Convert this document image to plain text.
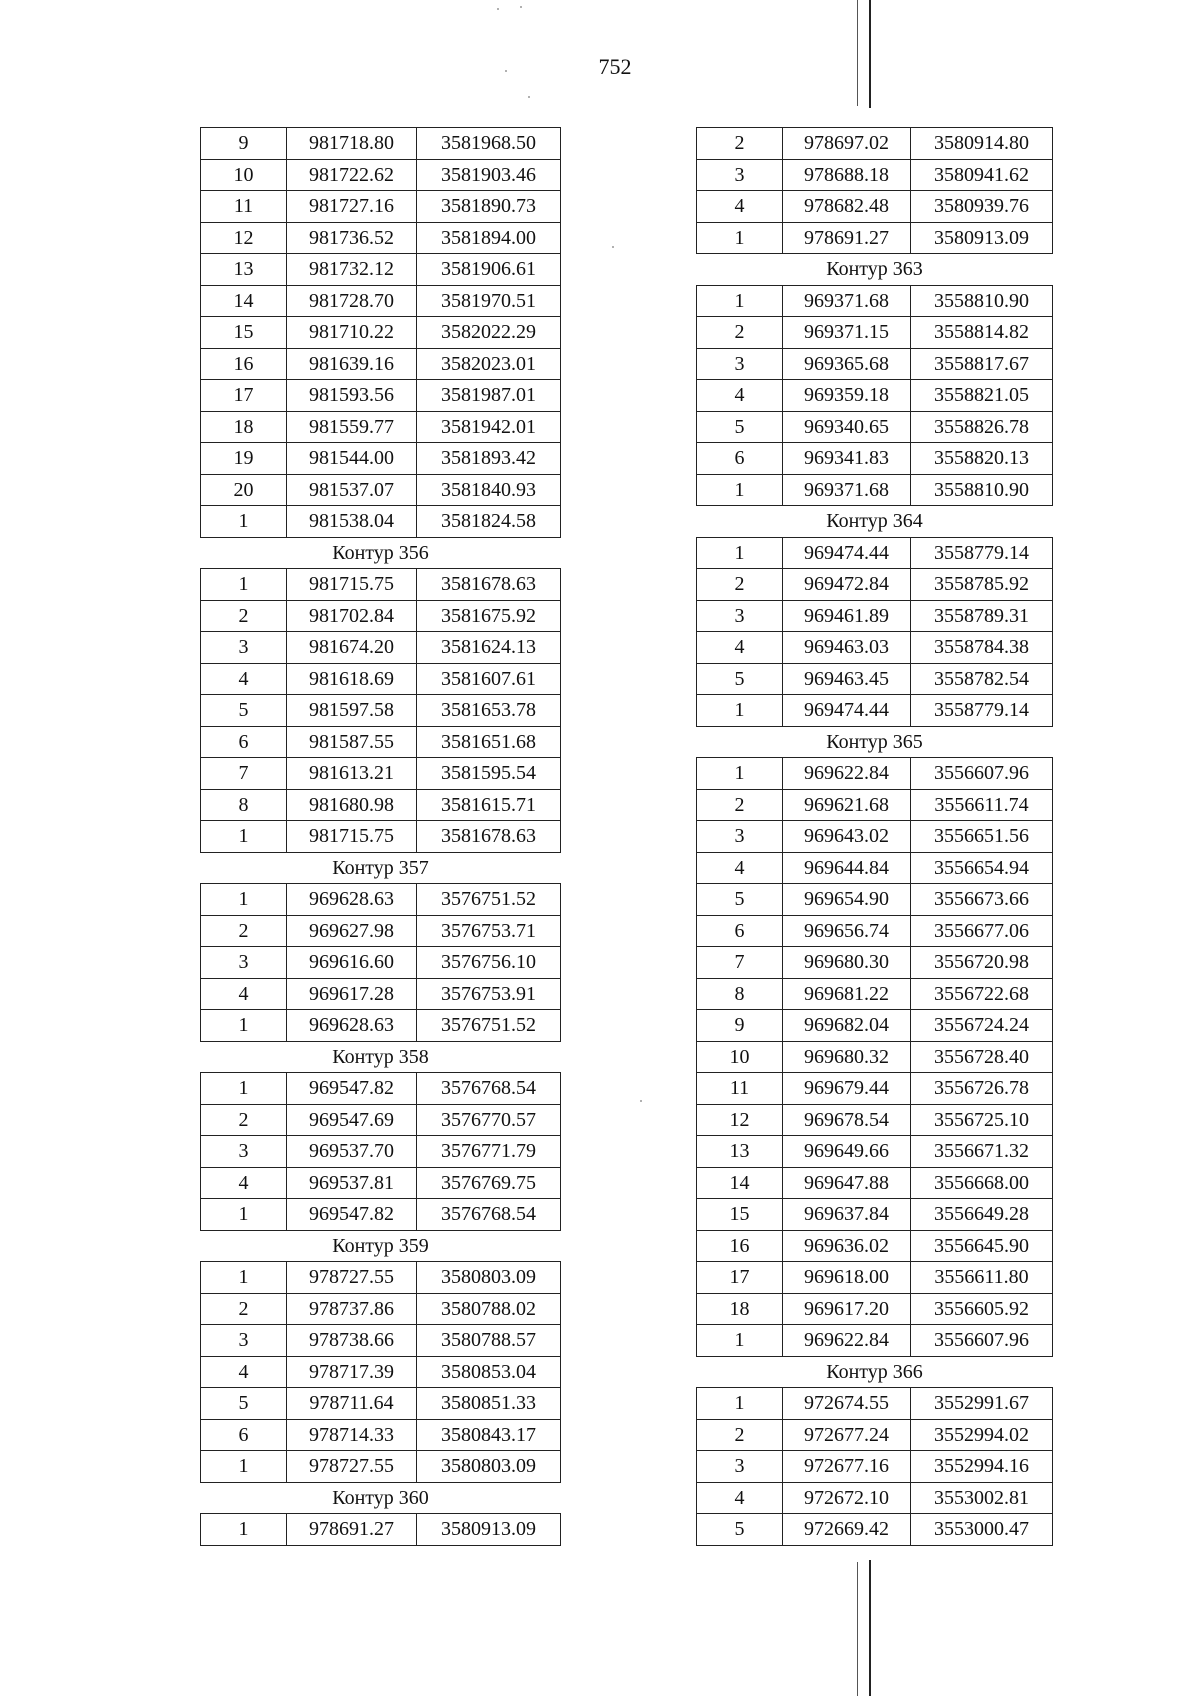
752
9	981718.80	3581968.50
10	981722.62	3581903.46
11	981727.16	3581890.73
12	981736.52	3581894.00
13	981732.12	3581906.61
14	981728.70	3581970.51
15	981710.22	3582022.29
16	981639.16	3582023.01
17	981593.56	3581987.01
18	981559.77	3581942.01
19	981544.00	3581893.42
20	981537.07	3581840.93
1	981538.04	3581824.58
Контур 356		
1	981715.75	3581678.63
2	981702.84	3581675.92
3	981674.20	3581624.13
4	981618.69	3581607.61
5	981597.58	3581653.78
6	981587.55	3581651.68
7	981613.21	3581595.54
8	981680.98	3581615.71
1	981715.75	3581678.63
Контур 357		
1	969628.63	3576751.52
2	969627.98	3576753.71
3	969616.60	3576756.10
4	969617.28	3576753.91
1	969628.63	3576751.52
Контур 358		
1	969547.82	3576768.54
2	969547.69	3576770.57
3	969537.70	3576771.79
4	969537.81	3576769.75
1	969547.82	3576768.54
Контур 359		
1	978727.55	3580803.09
2	978737.86	3580788.02
3	978738.66	3580788.57
4	978717.39	3580853.04
5	978711.64	3580851.33
6	978714.33	3580843.17
1	978727.55	3580803.09
Контур 360		
1	978691.27	3580913.09
2	978697.02	3580914.80
3	978688.18	3580941.62
4	978682.48	3580939.76
1	978691.27	3580913.09
Контур 363		
1	969371.68	3558810.90
2	969371.15	3558814.82
3	969365.68	3558817.67
4	969359.18	3558821.05
5	969340.65	3558826.78
6	969341.83	3558820.13
1	969371.68	3558810.90
Контур 364		
1	969474.44	3558779.14
2	969472.84	3558785.92
3	969461.89	3558789.31
4	969463.03	3558784.38
5	969463.45	3558782.54
1	969474.44	3558779.14
Контур 365		
1	969622.84	3556607.96
2	969621.68	3556611.74
3	969643.02	3556651.56
4	969644.84	3556654.94
5	969654.90	3556673.66
6	969656.74	3556677.06
7	969680.30	3556720.98
8	969681.22	3556722.68
9	969682.04	3556724.24
10	969680.32	3556728.40
11	969679.44	3556726.78
12	969678.54	3556725.10
13	969649.66	3556671.32
14	969647.88	3556668.00
15	969637.84	3556649.28
16	969636.02	3556645.90
17	969618.00	3556611.80
18	969617.20	3556605.92
1	969622.84	3556607.96
Контур 366		
1	972674.55	3552991.67
2	972677.24	3552994.02
3	972677.16	3552994.16
4	972672.10	3553002.81
5	972669.42	3553000.47
